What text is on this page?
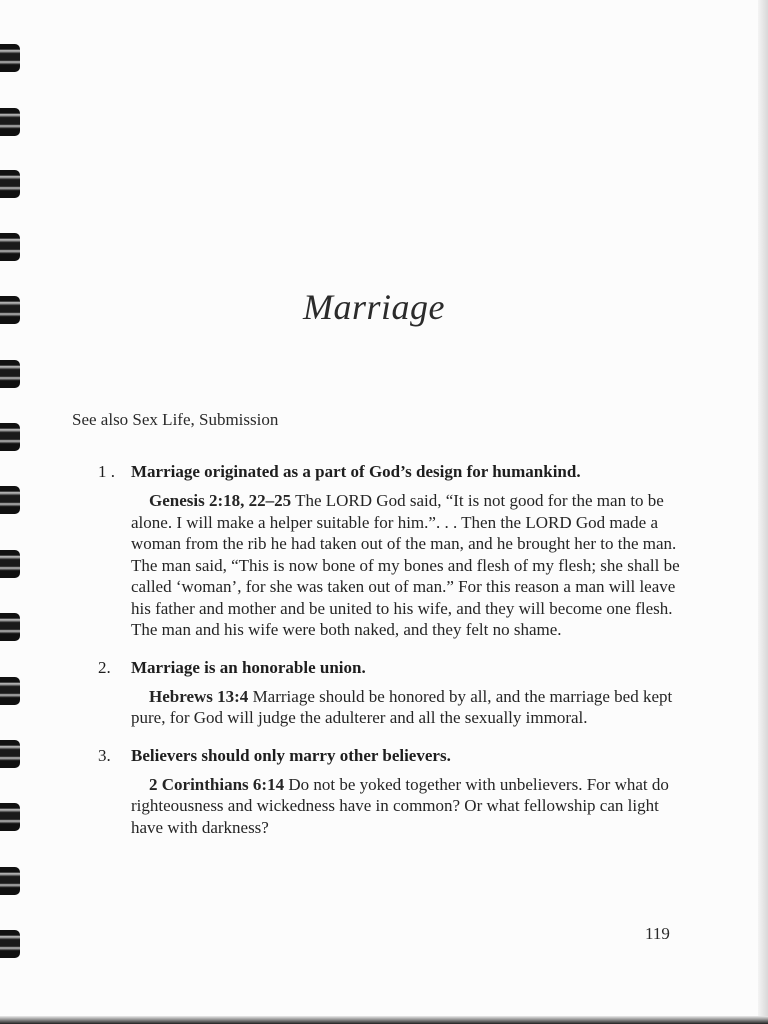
Marriage

See also Sex Life, Submission

1 . Marriage originated as a part of God’s design for humankind.
Genesis 2:18, 22–25 The LORD God said, “It is not good for the man to be alone. I will make a helper suitable for him.”. . . Then the LORD God made a woman from the rib he had taken out of the man, and he brought her to the man. The man said, “This is now bone of my bones and flesh of my flesh; she shall be called ‘woman’, for she was taken out of man.” For this reason a man will leave his father and mother and be united to his wife, and they will become one flesh. The man and his wife were both naked, and they felt no shame.
2.	Marriage is an honorable union.
Hebrews 13:4 Marriage should be honored by all, and the marriage bed kept pure, for God will judge the adulterer and all the sexually immoral.
3.	Believers should only marry other believers.
2 Corinthians 6:14 Do not be yoked together with unbelievers. For what do righteousness and wickedness have in common? Or what fellowship can light have with darkness?

119
